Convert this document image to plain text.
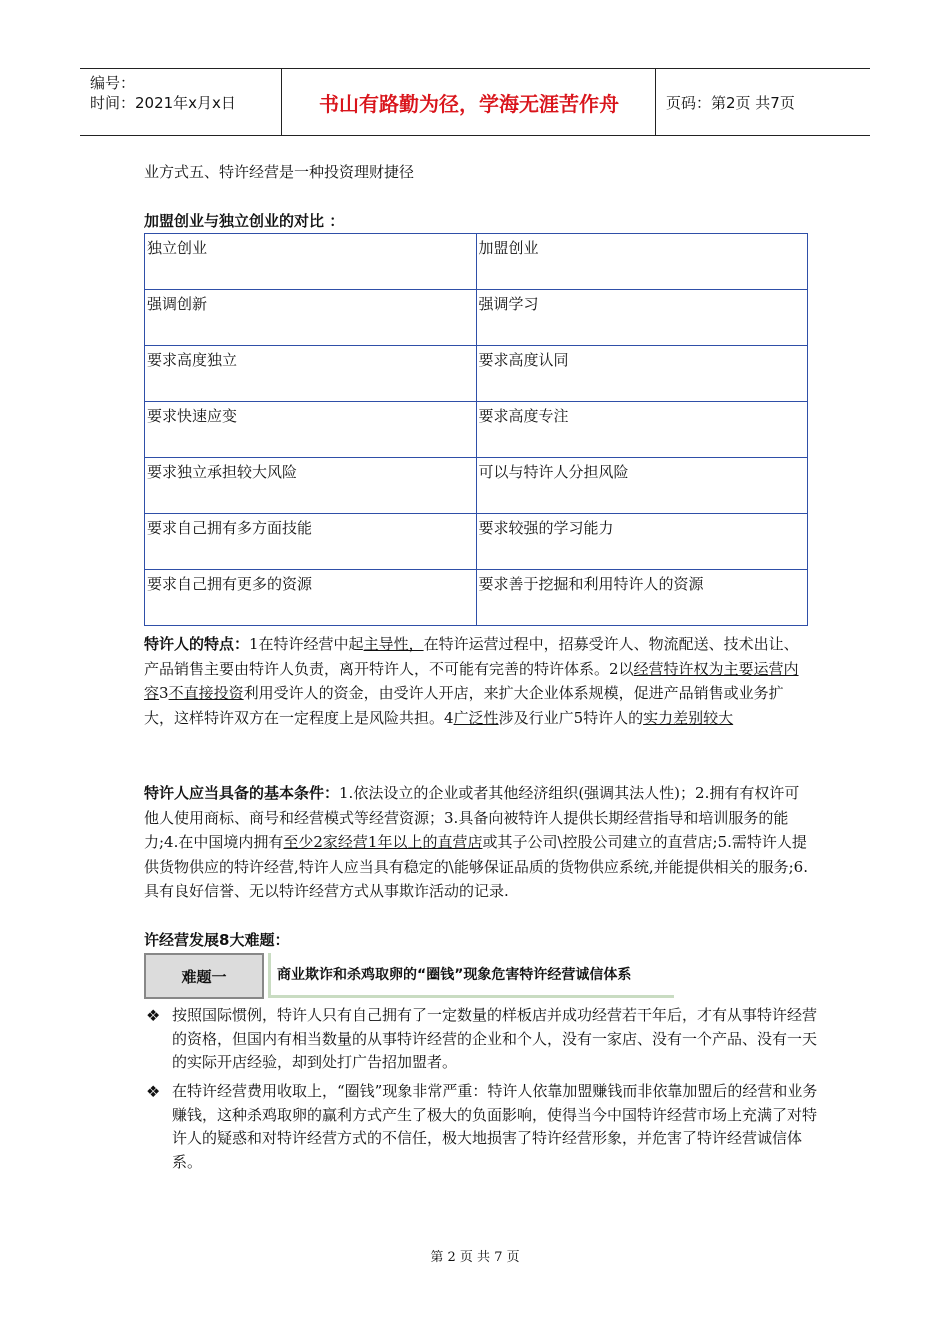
编号：
时间：2021年x月x日	书山有路勤为径，学海无涯苦作舟	页码：第2页 共7页
业方式五、特许经营是一种投资理财捷径
加盟创业与独立创业的对比 ：
独立创业	加盟创业
强调创新	强调学习
要求高度独立	要求高度认同
要求快速应变	要求高度专注
要求独立承担较大风险	可以与特许人分担风险
要求自己拥有多方面技能	要求较强的学习能力
要求自己拥有更多的资源	要求善于挖掘和利用特许人的资源
特许人的特点：1在特许经营中起主导性，在特许运营过程中，招募受许人、物流配送、技术出让、产品销售主要由特许人负责，离开特许人，不可能有完善的特许体系。2以经营特许权为主要运营内容3不直接投资利用受许人的资金，由受许人开店，来扩大企业体系规模，促进产品销售或业务扩大，这样特许双方在一定程度上是风险共担。4广泛性涉及行业广5特许人的实力差别较大
特许人应当具备的基本条件：1.依法设立的企业或者其他经济组织(强调其法人性)；2.拥有有权许可他人使用商标、商号和经营模式等经营资源；3.具备向被特许人提供长期经营指导和培训服务的能力;4.在中国境内拥有至少2家经营1年以上的直营店或其子公司\控股公司建立的直营店;5.需特许人提供货物供应的特许经营,特许人应当具有稳定的\能够保证品质的货物供应系统,并能提供相关的服务;6.具有良好信誉、无以特许经营方式从事欺诈活动的记录.
许经营发展8大难题：
难题一	商业欺诈和杀鸡取卵的“圈钱”现象危害特许经营诚信体系
❖ 按照国际惯例，特许人只有自己拥有了一定数量的样板店并成功经营若干年后，才有从事特许经营的资格，但国内有相当数量的从事特许经营的企业和个人，没有一家店、没有一个产品、没有一天的实际开店经验，却到处打广告招加盟者。
❖ 在特许经营费用收取上，“圈钱”现象非常严重：特许人依靠加盟赚钱而非依靠加盟后的经营和业务赚钱，这种杀鸡取卵的赢利方式产生了极大的负面影响，使得当今中国特许经营市场上充满了对特许人的疑惑和对特许经营方式的不信任，极大地损害了特许经营形象，并危害了特许经营诚信体系。
第 2 页 共 7 页
